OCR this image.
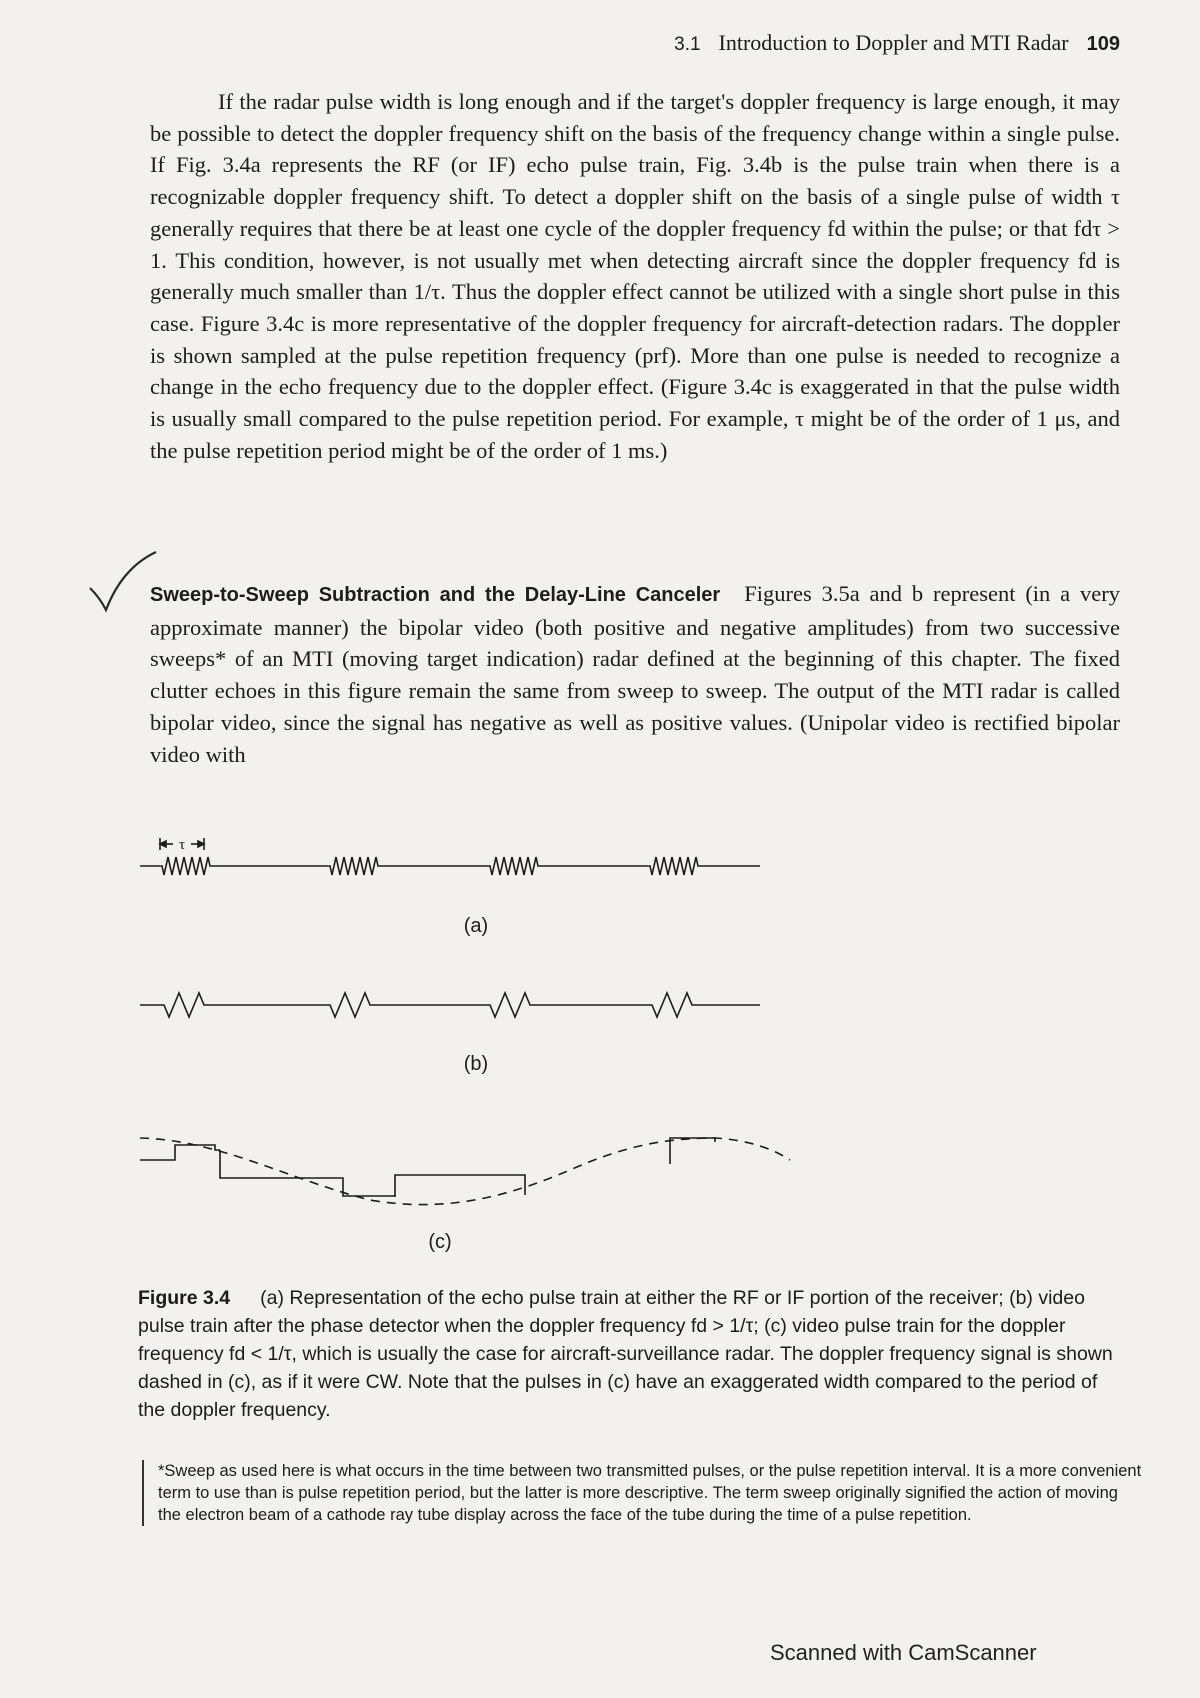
3.1 Introduction to Doppler and MTI Radar 109

If the radar pulse width is long enough and if the target's doppler frequency is large enough, it may be possible to detect the doppler frequency shift on the basis of the frequency change within a single pulse. If Fig. 3.4a represents the RF (or IF) echo pulse train, Fig. 3.4b is the pulse train when there is a recognizable doppler frequency shift. To detect a doppler shift on the basis of a single pulse of width τ generally requires that there be at least one cycle of the doppler frequency fd within the pulse; or that fdτ > 1. This condition, however, is not usually met when detecting aircraft since the doppler frequency fd is generally much smaller than 1/τ. Thus the doppler effect cannot be utilized with a single short pulse in this case. Figure 3.4c is more representative of the doppler frequency for aircraft-detection radars. The doppler is shown sampled at the pulse repetition frequency (prf). More than one pulse is needed to recognize a change in the echo frequency due to the doppler effect. (Figure 3.4c is exaggerated in that the pulse width is usually small compared to the pulse repetition period. For example, τ might be of the order of 1 μs, and the pulse repetition period might be of the order of 1 ms.)

Sweep-to-Sweep Subtraction and the Delay-Line Canceler Figures 3.5a and b represent (in a very approximate manner) the bipolar video (both positive and negative amplitudes) from two successive sweeps* of an MTI (moving target indication) radar defined at the beginning of this chapter. The fixed clutter echoes in this figure remain the same from sweep to sweep. The output of the MTI radar is called bipolar video, since the signal has negative as well as positive values. (Unipolar video is rectified bipolar video with

τ
(a)
(b)
(c)

Figure 3.4 (a) Representation of the echo pulse train at either the RF or IF portion of the receiver; (b) video pulse train after the phase detector when the doppler frequency fd > 1/τ; (c) video pulse train for the doppler frequency fd < 1/τ, which is usually the case for aircraft-surveillance radar. The doppler frequency signal is shown dashed in (c), as if it were CW. Note that the pulses in (c) have an exaggerated width compared to the period of the doppler frequency.

*Sweep as used here is what occurs in the time between two transmitted pulses, or the pulse repetition interval. It is a more convenient term to use than is pulse repetition period, but the latter is more descriptive. The term sweep originally signified the action of moving the electron beam of a cathode ray tube display across the face of the tube during the time of a pulse repetition.

Scanned with CamScanner
